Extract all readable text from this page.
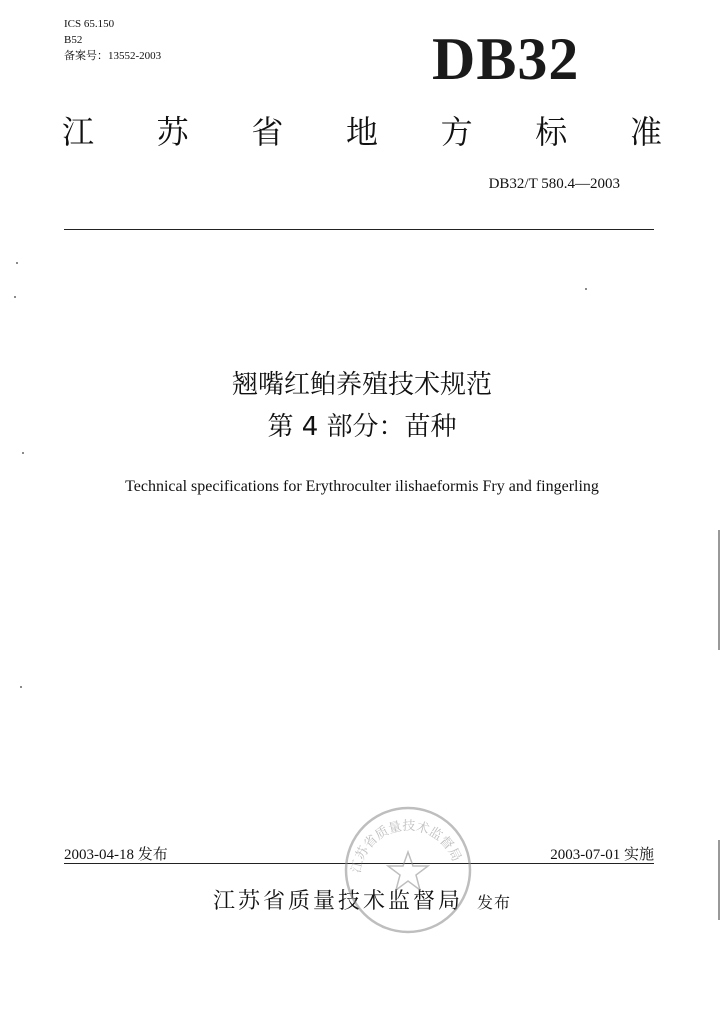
ICS 65.150
B52
备案号：13552-2003	DB32
江 苏 省 地 方 标 准
DB32/T 580.4—2003
翘嘴红鲌养殖技术规范
第 4 部分：苗种
Technical specifications for Erythroculter ilishaeformis Fry and fingerling
2003-04-18 发布	2003-07-01 实施
江苏省质量技术监督局 发布
江苏省质量技术监督局
